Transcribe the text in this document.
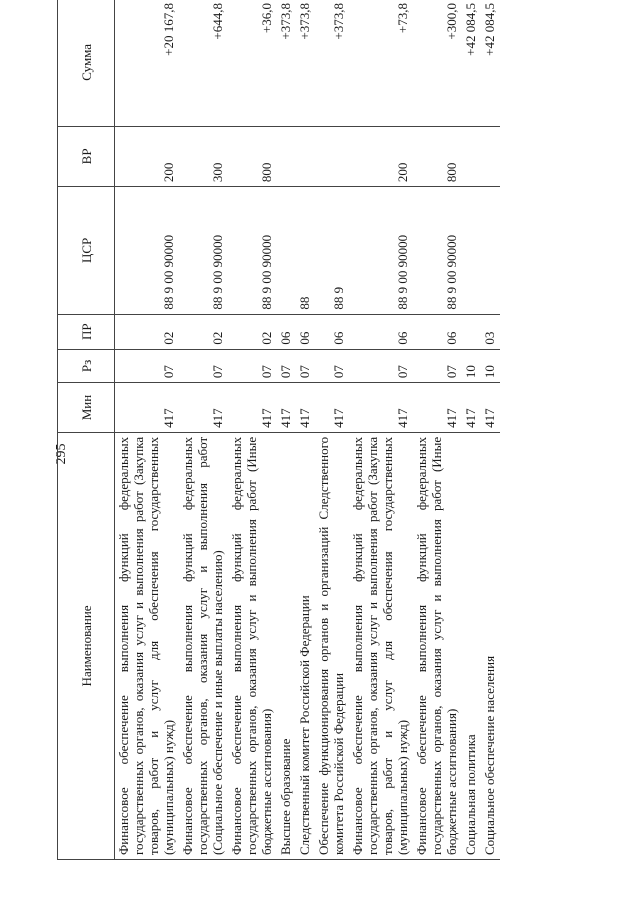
295
Наименование	Мин	Рз	ПР	ЦСР	ВР	Сумма
Финансовое обеспечение выполнения функций федеральных государственных органов, оказания услуг и выполнения работ (Закупка товаров, работ и услуг для обеспечения государственных (муниципальных) нужд)	417	07	02	88 9 00 90000	200	+20 167,8
Финансовое обеспечение выполнения функций федеральных государственных органов, оказания услуг и выполнения работ (Социальное обеспечение и иные выплаты населению)	417	07	02	88 9 00 90000	300	+644,8
Финансовое обеспечение выполнения функций федеральных государственных органов, оказания услуг и выполнения работ (Иные бюджетные ассигнования)	417	07	02	88 9 00 90000	800	+36,0
Высшее образование	417	07	06			+373,8
Следственный комитет Российской Федерации	417	07	06	88		+373,8
Обеспечение функционирования органов и организаций Следственного комитета Российской Федерации	417	07	06	88 9		+373,8
Финансовое обеспечение выполнения функций федеральных государственных органов, оказания услуг и выполнения работ (Закупка товаров, работ и услуг для обеспечения государственных (муниципальных) нужд)	417	07	06	88 9 00 90000	200	+73,8
Финансовое обеспечение выполнения функций федеральных государственных органов, оказания услуг и выполнения работ (Иные бюджетные ассигнования)	417	07	06	88 9 00 90000	800	+300,0
Социальная политика	417	10				+42 084,5
Социальное обеспечение населения	417	10	03			+42 084,5
